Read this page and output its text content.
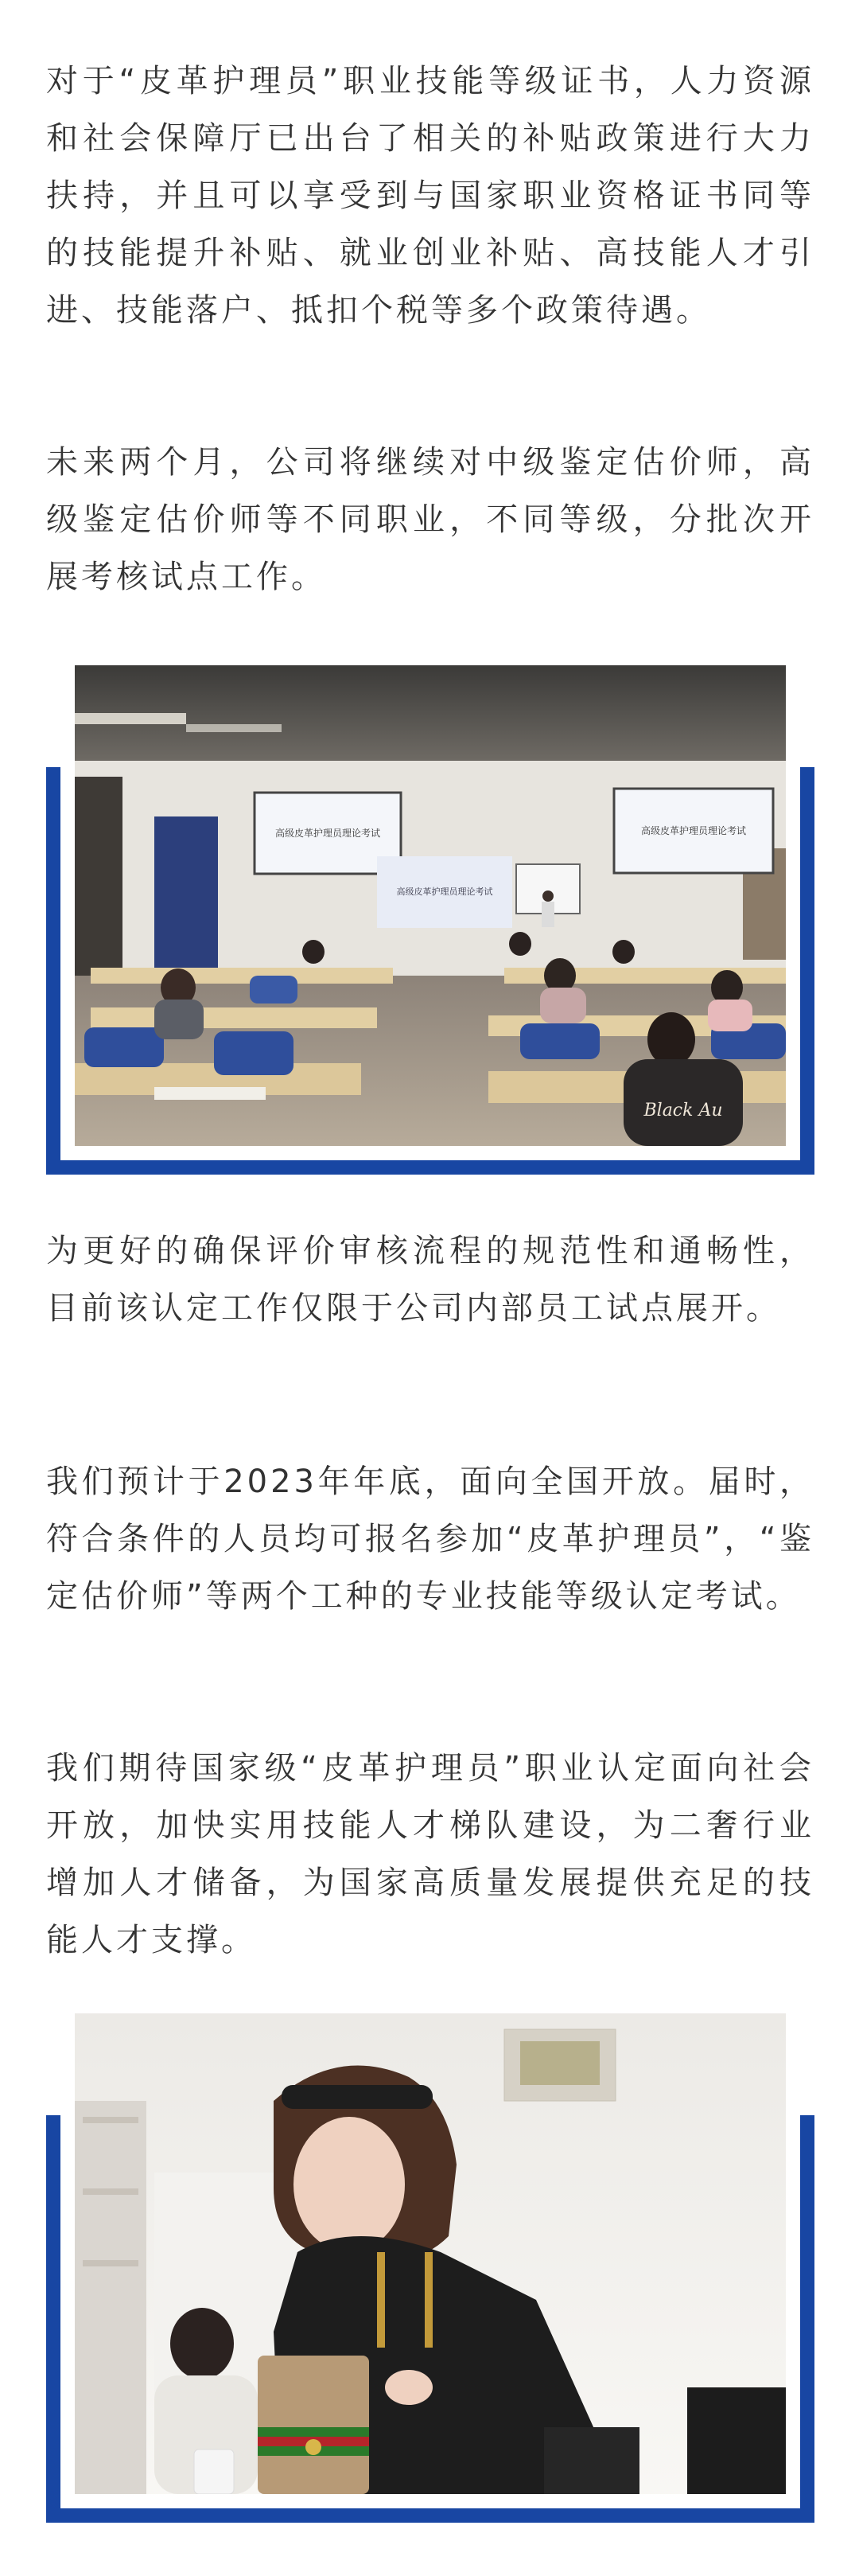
对于“皮革护理员”职业技能等级证书，人力资源和社会保障厅已出台了相关的补贴政策进行大力扶持，并且可以享受到与国家职业资格证书同等的技能提升补贴、就业创业补贴、高技能人才引进、技能落户、抵扣个税等多个政策待遇。

未来两个月，公司将继续对中级鉴定估价师，高级鉴定估价师等不同职业，不同等级，分批次开展考核试点工作。

高级皮革护理员理论考试	高级皮革护理员理论考试
高级皮革护理员理论考试
Black Au

为更好的确保评价审核流程的规范性和通畅性，目前该认定工作仅限于公司内部员工试点展开。

我们预计于2023年年底，面向全国开放。届时，符合条件的人员均可报名参加“皮革护理员”，“鉴定估价师”等两个工种的专业技能等级认定考试。

我们期待国家级“皮革护理员”职业认定面向社会开放，加快实用技能人才梯队建设，为二奢行业增加人才储备，为国家高质量发展提供充足的技能人才支撑。
